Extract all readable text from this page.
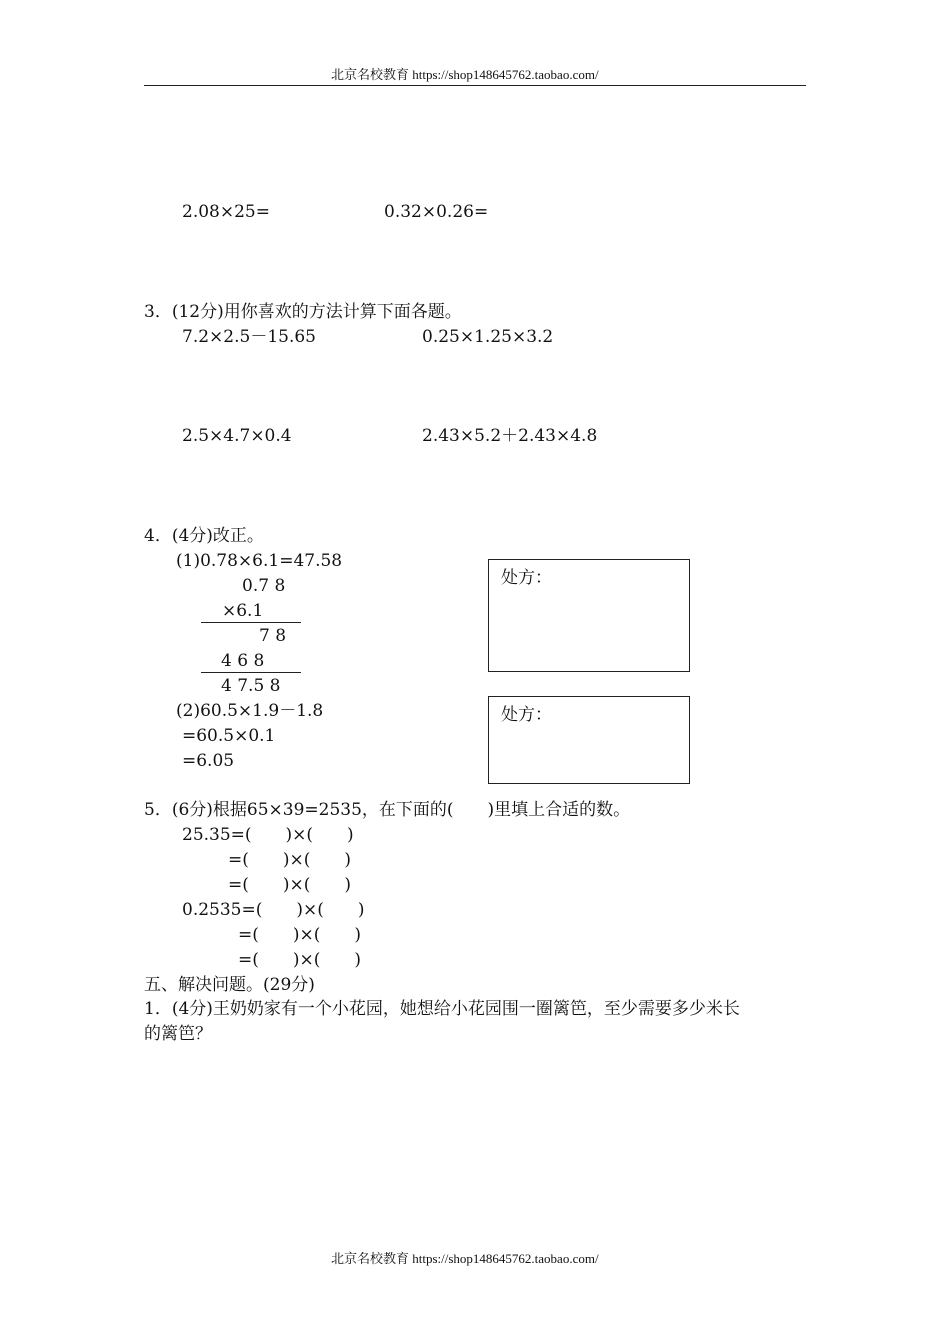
北京名校教育 https://shop148645762.taobao.com/
2.08×25=	0.32×0.26=
3．(12分)用你喜欢的方法计算下面各题。
7.2×2.5－15.65	0.25×1.25×3.2
2.5×4.7×0.4	2.43×5.2＋2.43×4.8
4．(4分)改正。
(1)0.78×6.1=47.58
0.7 8
×6.1
7 8
4 6 8
4 7.5 8
(2)60.5×1.9－1.8
=60.5×0.1
=6.05
处方：
处方：
5．(6分)根据65×39=2535，在下面的(　　)里填上合适的数。
25.35=(　　)×(　　)
=(　　)×(　　)
=(　　)×(　　)
0.2535=(　　)×(　　)
=(　　)×(　　)
=(　　)×(　　)
五、解决问题。(29分)
1．(4分)王奶奶家有一个小花园，她想给小花园围一圈篱笆，至少需要多少米长
的篱笆？
北京名校教育 https://shop148645762.taobao.com/
